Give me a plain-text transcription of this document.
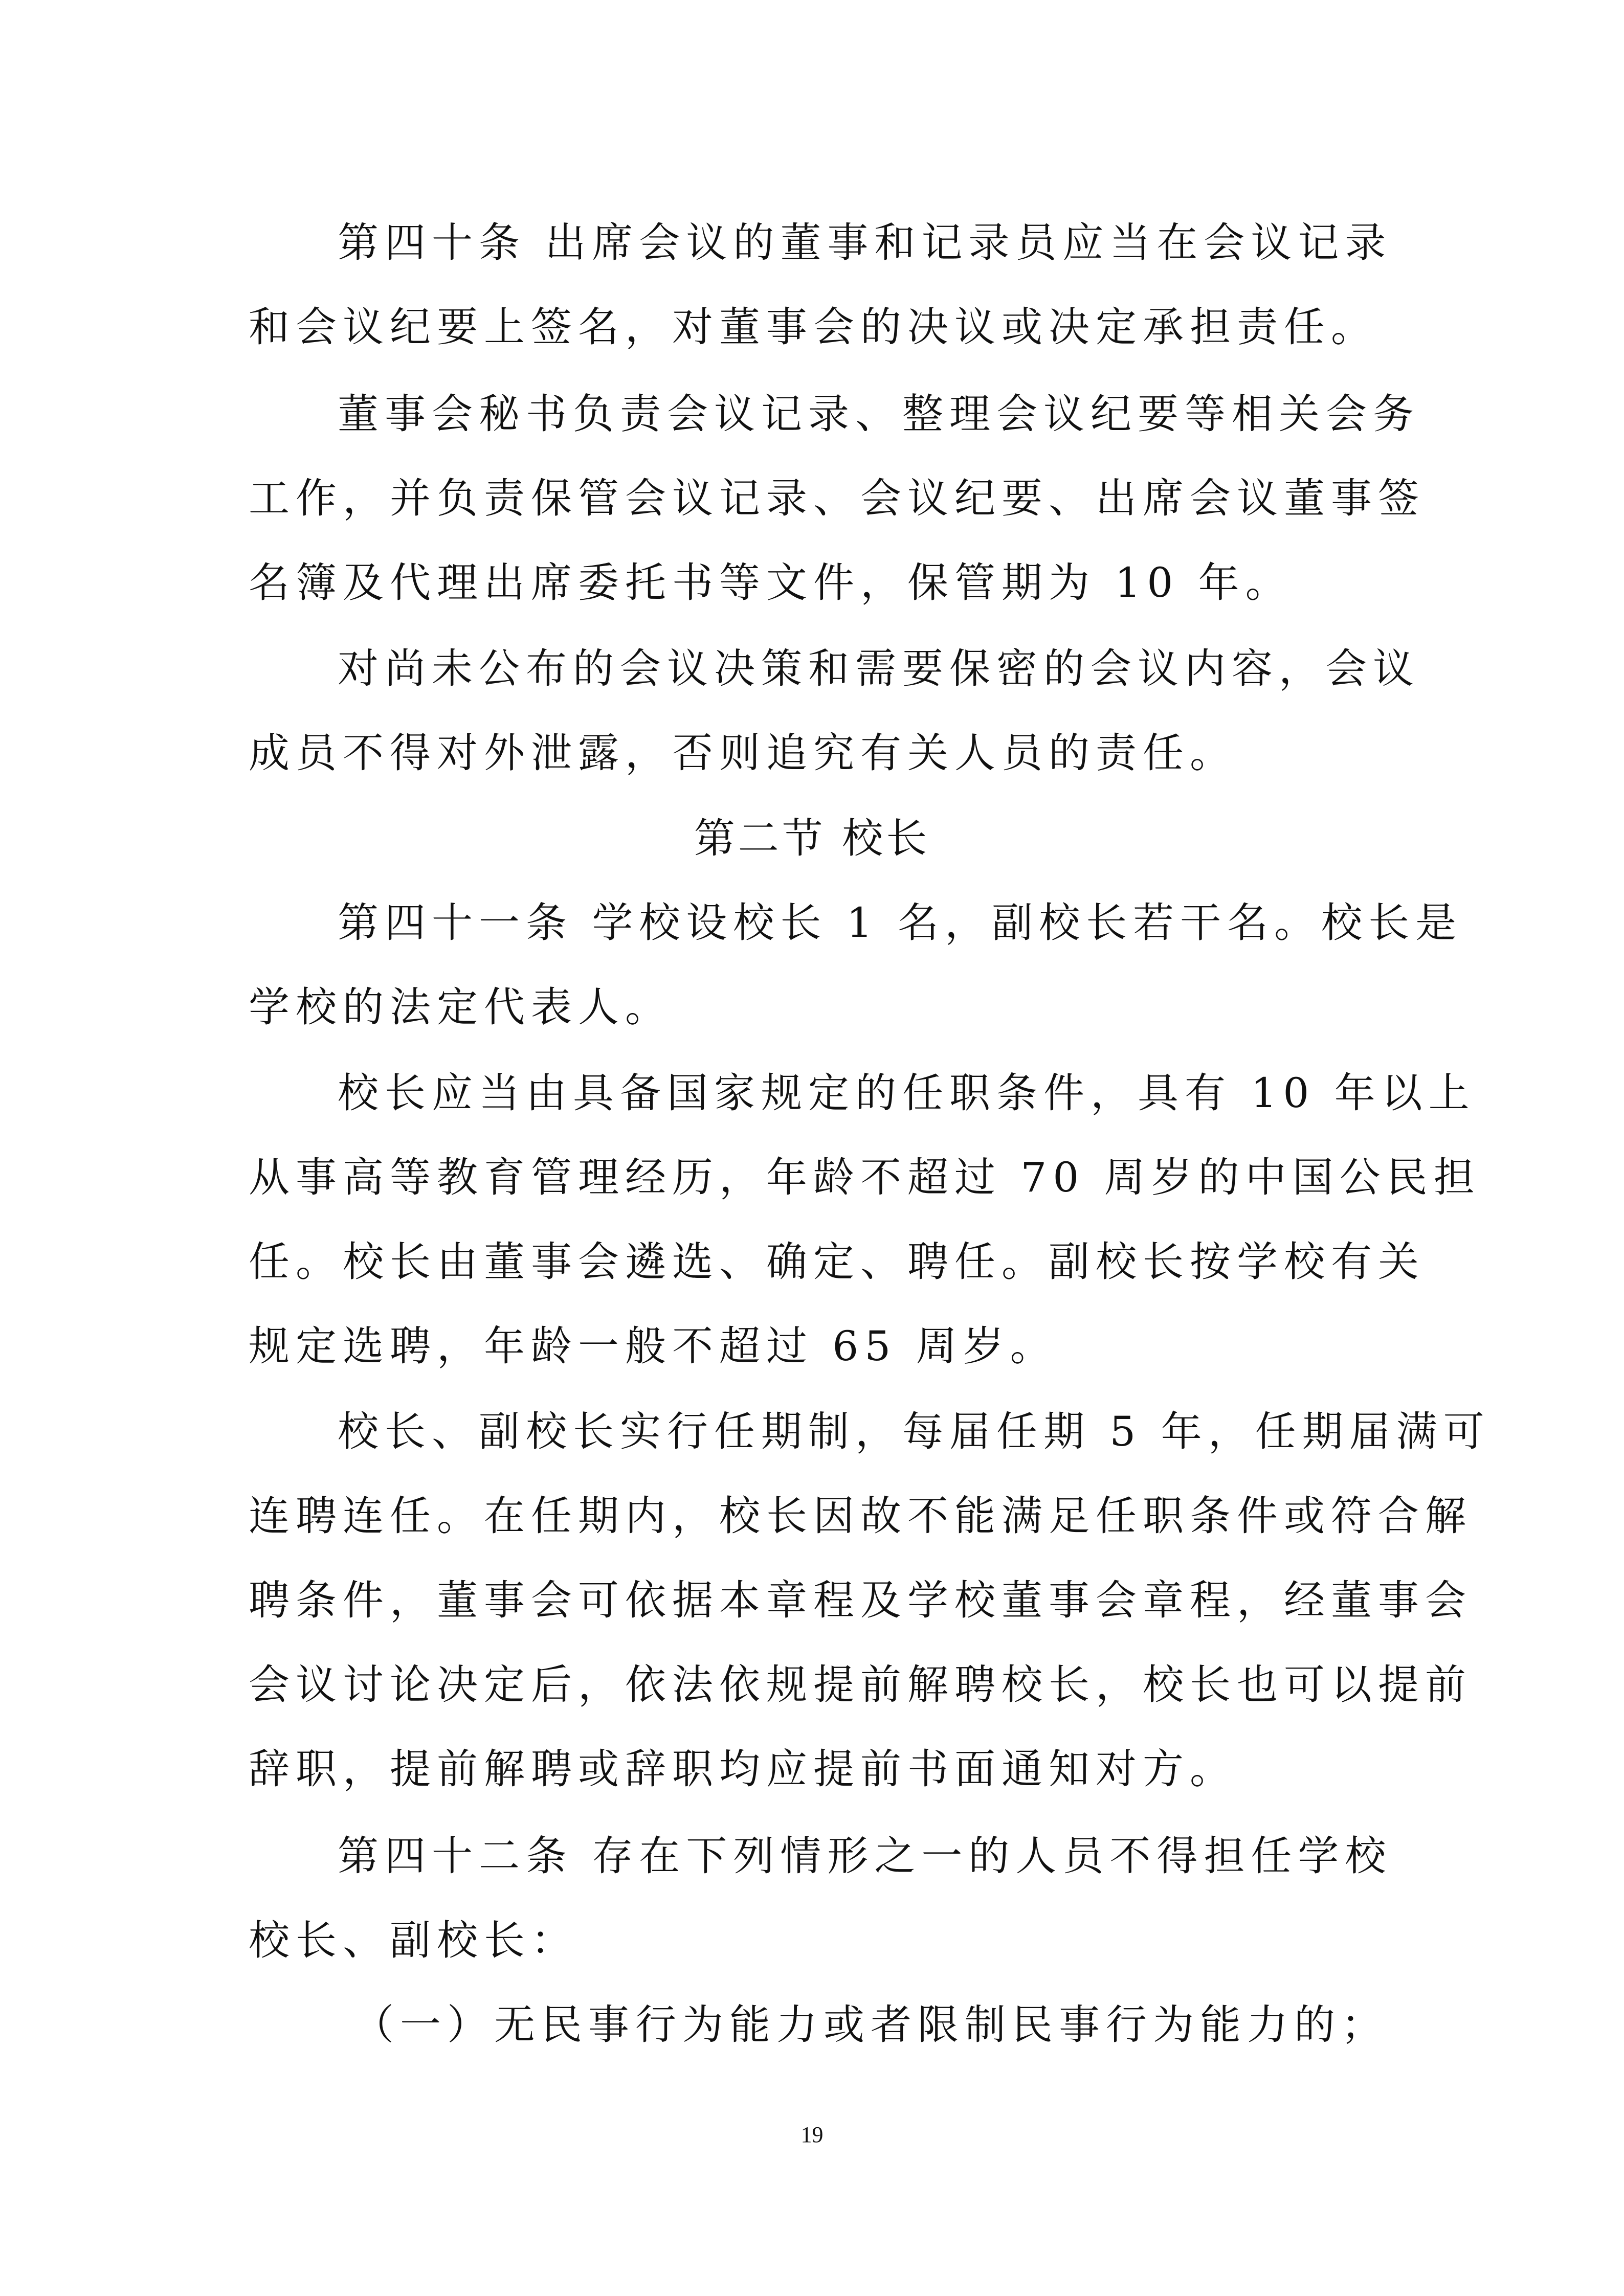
第四十条 出席会议的董事和记录员应当在会议记录
和会议纪要上签名，对董事会的决议或决定承担责任。
董事会秘书负责会议记录、整理会议纪要等相关会务
工作，并负责保管会议记录、会议纪要、出席会议董事签
名簿及代理出席委托书等文件，保管期为 10 年。
对尚未公布的会议决策和需要保密的会议内容，会议
成员不得对外泄露，否则追究有关人员的责任。
第二节 校长
第四十一条 学校设校长 1 名，副校长若干名。校长是
学校的法定代表人。
校长应当由具备国家规定的任职条件，具有 10 年以上
从事高等教育管理经历，年龄不超过 70 周岁的中国公民担
任。校长由董事会遴选、确定、聘任。副校长按学校有关
规定选聘，年龄一般不超过 65 周岁。
校长、副校长实行任期制，每届任期 5 年，任期届满可
连聘连任。在任期内，校长因故不能满足任职条件或符合解
聘条件，董事会可依据本章程及学校董事会章程，经董事会
会议讨论决定后，依法依规提前解聘校长，校长也可以提前
辞职，提前解聘或辞职均应提前书面通知对方。
第四十二条 存在下列情形之一的人员不得担任学校
校长、副校长：
（一）无民事行为能力或者限制民事行为能力的；
19
